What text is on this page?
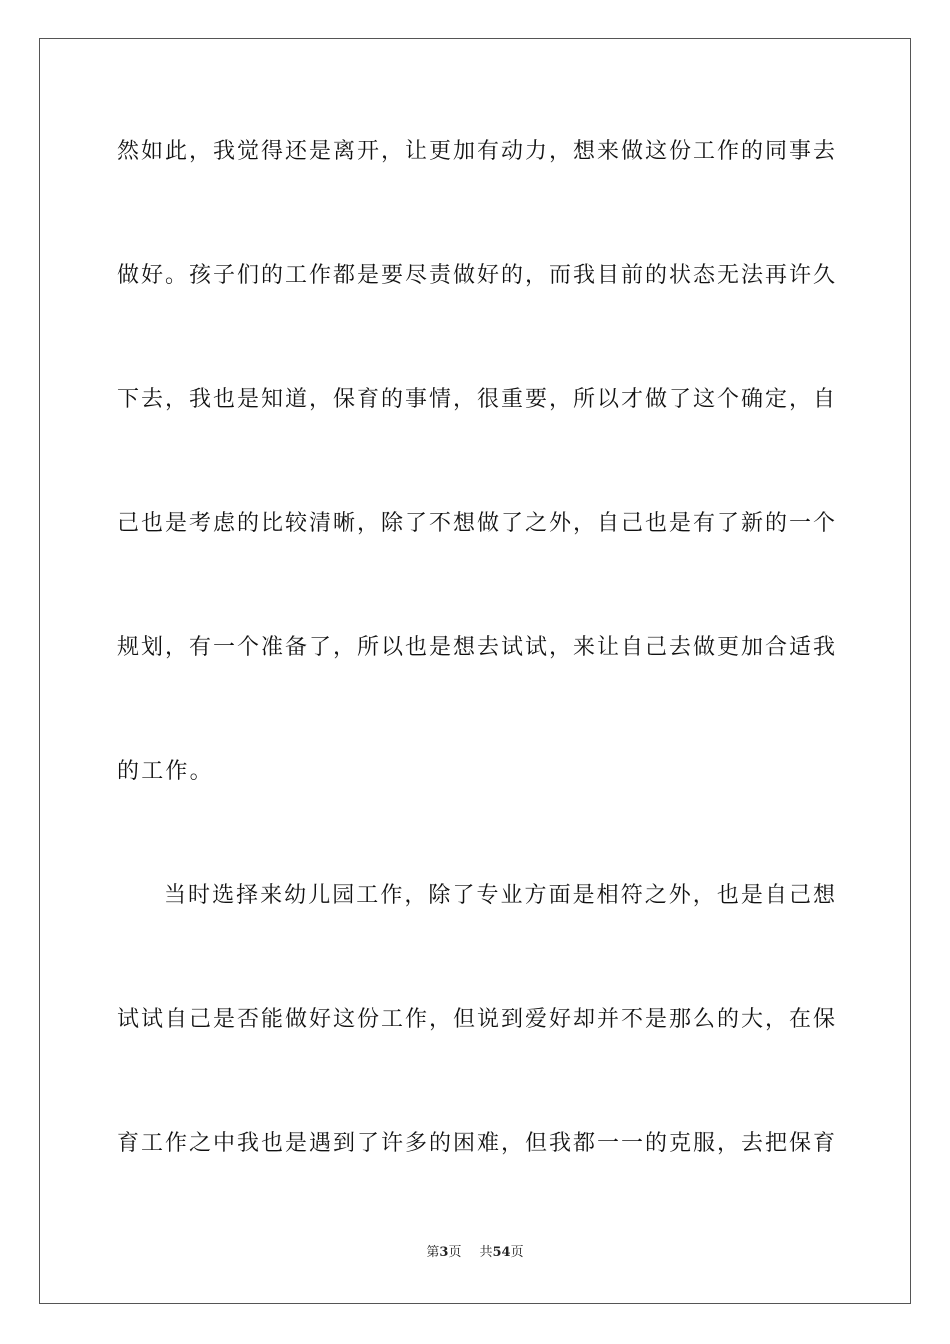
然如此，我觉得还是离开，让更加有动力，想来做这份工作的同事去
做好。孩子们的工作都是要尽责做好的，而我目前的状态无法再许久
下去，我也是知道，保育的事情，很重要，所以才做了这个确定，自
己也是考虑的比较清晰，除了不想做了之外，自己也是有了新的一个
规划，有一个准备了，所以也是想去试试，来让自己去做更加合适我
的工作。
当时选择来幼儿园工作，除了专业方面是相符之外，也是自己想
试试自己是否能做好这份工作，但说到爱好却并不是那么的大，在保
育工作之中我也是遇到了许多的困难，但我都一一的克服，去把保育
第3页 共54页
